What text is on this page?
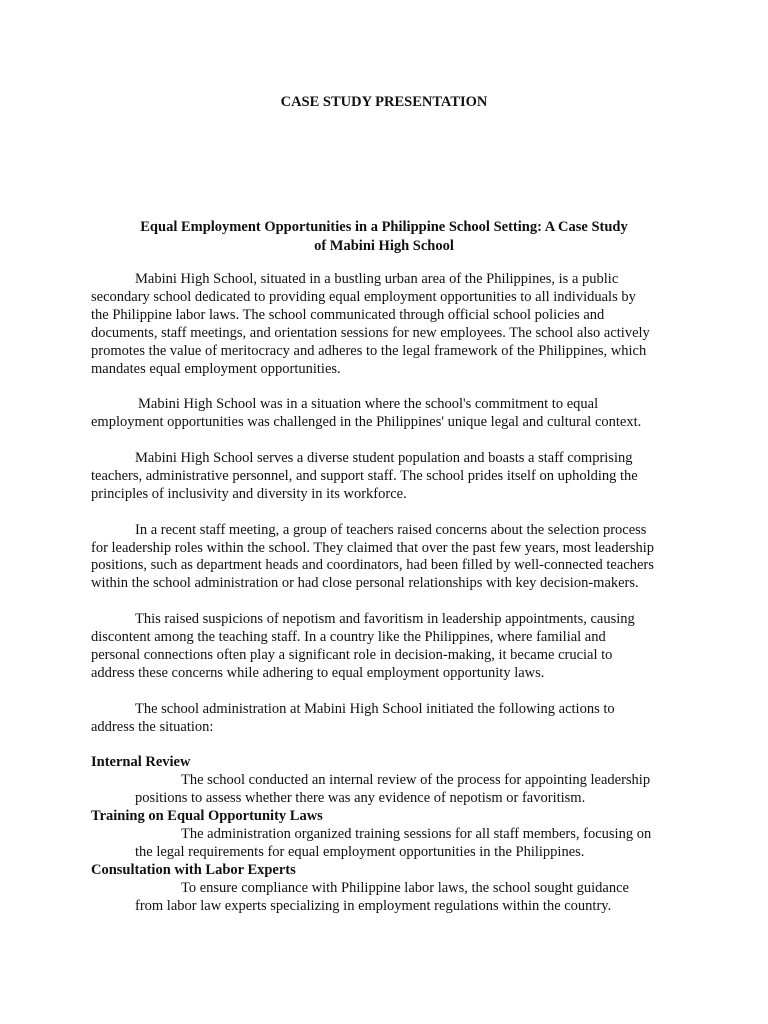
CASE STUDY PRESENTATION
Equal Employment Opportunities in a Philippine School Setting: A Case Study
of Mabini High School

Mabini High School, situated in a bustling urban area of the Philippines, is a public
secondary school dedicated to providing equal employment opportunities to all individuals by
the Philippine labor laws. The school communicated through official school policies and
documents, staff meetings, and orientation sessions for new employees. The school also actively
promotes the value of meritocracy and adheres to the legal framework of the Philippines, which
mandates equal employment opportunities.

Mabini High School was in a situation where the school's commitment to equal
employment opportunities was challenged in the Philippines' unique legal and cultural context.

Mabini High School serves a diverse student population and boasts a staff comprising
teachers, administrative personnel, and support staff. The school prides itself on upholding the
principles of inclusivity and diversity in its workforce.

In a recent staff meeting, a group of teachers raised concerns about the selection process
for leadership roles within the school. They claimed that over the past few years, most leadership
positions, such as department heads and coordinators, had been filled by well-connected teachers
within the school administration or had close personal relationships with key decision-makers.

This raised suspicions of nepotism and favoritism in leadership appointments, causing
discontent among the teaching staff. In a country like the Philippines, where familial and
personal connections often play a significant role in decision-making, it became crucial to
address these concerns while adhering to equal employment opportunity laws.

The school administration at Mabini High School initiated the following actions to
address the situation:

Internal Review

The school conducted an internal review of the process for appointing leadership
positions to assess whether there was any evidence of nepotism or favoritism.

Training on Equal Opportunity Laws

The administration organized training sessions for all staff members, focusing on
the legal requirements for equal employment opportunities in the Philippines.

Consultation with Labor Experts

To ensure compliance with Philippine labor laws, the school sought guidance
from labor law experts specializing in employment regulations within the country.
